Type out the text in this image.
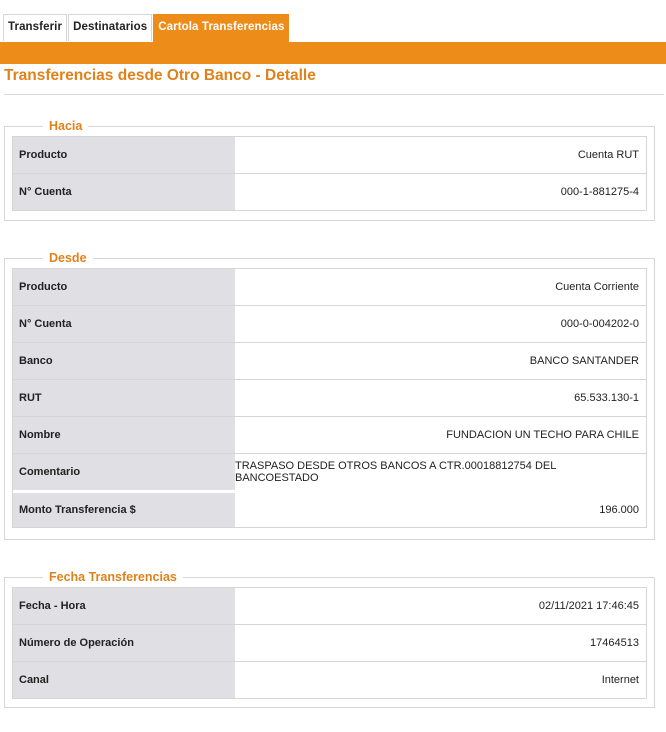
Transferir Destinatarios Cartola Transferencias
Transferencias desde Otro Banco - Detalle
Hacia
Producto	Cuenta RUT
N° Cuenta	000-1-881275-4
Desde
Producto	Cuenta Corriente
N° Cuenta	000-0-004202-0
Banco	BANCO SANTANDER
RUT	65.533.130-1
Nombre	FUNDACION UN TECHO PARA CHILE
Comentario	TRASPASO DESDE OTROS BANCOS A CTR.00018812754 DEL BANCOESTADO
Monto Transferencia $	196.000
Fecha Transferencias
Fecha - Hora	02/11/2021 17:46:45
Número de Operación	17464513
Canal	Internet
